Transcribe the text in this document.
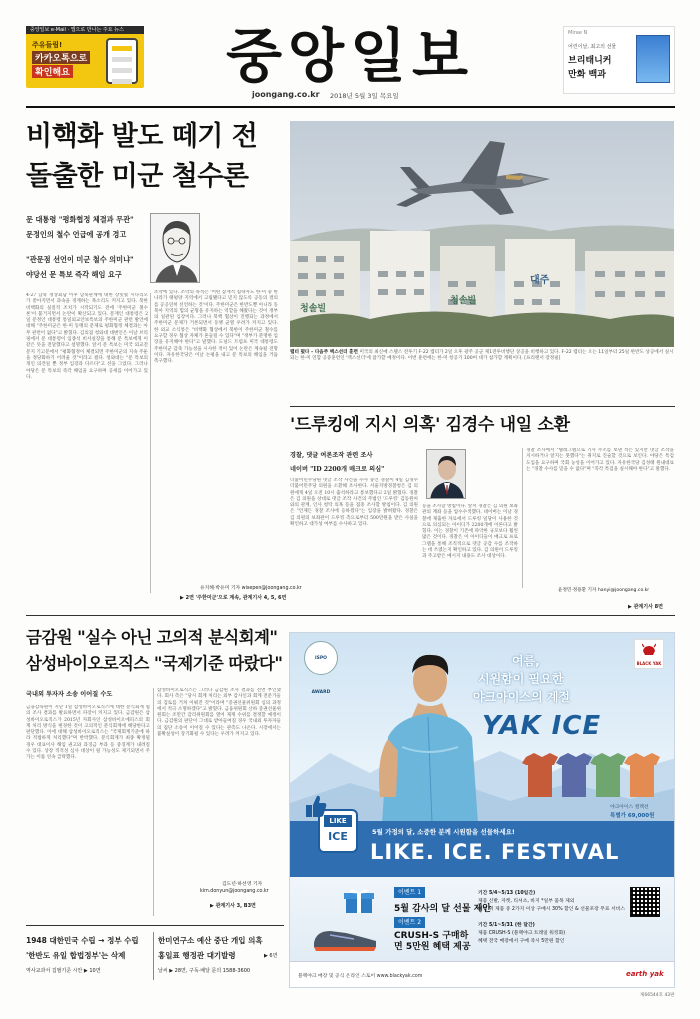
중앙일보 e-Mail · 앱으로 만나는 주요 뉴스
주유들림!
카카오톡으로
확인해요	중앙일보
joongang.co.kr 2018년 5월 3일 목요일
Mirae N
어린이날, 최고의 선물
브리태니커
만화 백과
비핵화 발도 떼기 전
돌출한 미군 철수론
문 대통령 "평화협정 체결과 무관"
문정인의 철수 언급에 공개 경고
"관문점 선언이 미군 철수 의미냐"
야당선 문 특보 즉각 해임 요구
4·27 남북 정상회담 이후 남북관계에 대한 장밋빛 시나리오가 쏟아지면서 과속을 경계하는 목소리도 커지고 있다. 북한 비핵화의 실질적 조치가 시작되기도 전에 '주한미군 철수론'이 불거지면서 논란이 확산되고 있다. 문재인 대통령은 2일 문정인 대통령 통일외교안보특보의 주한미군 관련 발언에 대해 "주한미군은 한·미 동맹의 문제로 평화협정 체결과는 아무 관련이 없다"고 밝혔다. 김의겸 청와대 대변인은 이날 브리핑에서 문 대통령이 임종석 비서실장을 통해 문 특보에게 이같은 뜻을 전달했다고 설명했다. 앞서 문 특보는 미국 외교전문지 기고문에서 "평화협정이 체결되면 주한미군의 지속 주둔을 정당화하기 어려울 것"이라고 썼다. 청와대는 "문 특보의 개인 의견일 뿐 정부 입장과 다르다"고 선을 그었다. 그러나 야당은 문 특보의 즉각 해임을 요구하며 공세를 이어가고 있다.
조약에 있다. 조약의 목적은 '어떤 잠재적 침략자도 한·미 중 한 나라가 태평양 지역에서 고립됐다고 믿지 않도록 공동의 결의를 공공연히 선언하는 것'이다. 주한미군은 한반도뿐 아니라 동북아 지역의 힘의 균형을 유지하는 역할을 해왔다는 것이 정부의 일관된 입장이다. 그러나 북핵 협상이 진행되는 과정에서 주한미군 문제가 거론되면서 동맹 균열 우려가 커지고 있다. 한 외교 소식통은 "비핵화 협상에서 북한이 주한미군 철수를 요구할 경우 협상 자체가 흔들릴 수 있다"며 "정부가 분명한 입장을 유지해야 한다"고 말했다. 도널드 트럼프 미국 대통령도 주한미군 감축 가능성을 시사한 적이 있어 논란은 계속될 전망이다. 자유한국당은 이날 논평을 내고 문 특보의 해임을 거듭 촉구했다.
유지혜·박유미 기자 wisepen@joongang.co.kr
▶ 2면 '주한미군'으로 계속, 관계기사 4, 5, 6면
청솔빌
청솔빌
대주
랩터 떴다 – 다음주 맥스선더 훈련 미국의 최신예 스텔스 전투기 F-22 랩터가 2일 오후 광주 공군 제1전투비행단 상공을 비행하고 있다. F-22 랩터는 오는 11일부터 25일 한반도 상공에서 실시되는 한·미 연합 공중훈련인 '맥스선더'에 참가할 예정이다. 이번 훈련에는 한·미 항공기 100여 대가 참가할 계획이다. [프리랜서 장정필]
'드루킹에 지시 의혹' 김경수 내일 소환
경찰, 댓글 여론조작 관련 조사
네이버 "ID 2200개 매크로 의심"
더불어민주당원 댓글 조작 사건을 수사 중인 경찰이 4일 김경수 더불어민주당 의원을 소환해 조사한다. 서울지방경찰청은 김 의원에게 4일 오전 10시 출석하라고 통보했다고 2일 밝혔다. 경찰은 김 의원을 상대로 댓글 조작 사건의 주범인 '드루킹' 김동원씨와의 관계, 인사 청탁 의혹 등을 집중 조사할 방침이다. 김 의원은 "언제든 경찰 조사에 응하겠다"는 입장을 밝혀왔다. 경찰은 김 의원의 보좌관이 드루킹 측으로부터 500만원을 받은 사실을 확인하고 대가성 여부를 수사하고 있다.
등을 조사할 방침이다. 앞서 경찰은 김 의원 보좌관의 계좌 등을 압수수색했다. 네이버는 이날 경찰에 제출한 자료에서 드루킹 일당이 사용한 것으로 의심되는 아이디가 2200개에 이른다고 밝혔다. 이는 경찰이 기존에 파악한 규모보다 훨씬 많은 것이다. 경찰은 이 아이디들이 매크로 프로그램을 통해 조직적으로 댓글 공감 수를 조작하는 데 쓰였는지 확인하고 있다. 김 의원이 드루킹과 주고받은 메시지 내용도 조사 대상이다.
경찰 조사에서 "텔레그램으로 기사 주소를 보낸 적은 있지만 댓글 조작을 지시하거나 알지는 못했다"는 취지로 진술할 것으로 보인다. 야당은 특검 도입을 요구하며 국회 농성을 이어가고 있다. 자유한국당 김성태 원내대표는 "경찰 수사를 믿을 수 없다"며 "즉각 특검을 실시해야 한다"고 말했다.
윤정민·정용환 기자 hanyi@joongang.co.kr
▶ 관계기사 8면
금감원 "실수 아닌 고의적 분식회계"
삼성바이오로직스 "국제기준 따랐다"
국내외 투자자 소송 이어질 수도
금융감독원이 지난 1일 삼성바이오로직스에 대한 분식회계 혐의 조사 결과를 발표하면서 파장이 커지고 있다. 금감원은 삼성바이오로직스가 2015년 자회사인 삼성바이오에피스의 회계 처리 방식을 변경한 것이 고의적인 분식회계에 해당한다고 판단했다. 이에 대해 삼성바이오로직스는 "국제회계기준에 따라 적법하게 처리했다"며 반박했다. 분식회계가 최종 확정될 경우 대표이사 해임 권고와 과징금 부과 등 중징계가 내려질 수 있다. 상장 적격성 심사 대상이 될 가능성도 제기되면서 주가는 이틀 연속 급락했다.
삼성바이오로직스는 그러나 금감원 조사 결과를 전면 부인했다. 회사 측은 "당시 회계 처리는 외부 감사인과 회계 전문가들의 검토를 거쳐 이뤄진 것"이라며 "증권선물위원회 심의 과정에서 적극 소명하겠다"고 밝혔다. 금융위원회 산하 증권선물위원회는 조만간 감리위원회를 열어 제재 수위를 결정할 예정이다. 금감원의 판단이 그대로 받아들여질 경우 국내외 투자자들의 집단 소송이 이어질 수 있다는 관측도 나온다. 시장에서는 불확실성이 장기화될 수 있다는 우려가 커지고 있다.
김도년·하선영 기자
kim.donyun@joongang.co.kr
▶ 관계기사 3, B3면
1948 대한민국 수립 → 정부 수립
'한반도 유일 합법정부'는 삭제
역사교과서 집필기준 시안 ▶ 10면
한미연구소 예산 중단 개입 의혹
홍일표 행정관 대기발령	▶ 6면
날씨 ▶ 28면, 구독·배달 문의 1588-3600
ISPO AWARD
여름,
시원함이 필요한
야크아이스의 계절
YAK ICE
BLACK YAK
야크아이스 컬렉션
특별가 69,000원
5월 가정의 달, 소중한 분께 시원함을 선물하세요!
LIKE. ICE. FESTIVAL
LIKE
ICE
이벤트 1
5월 감사의 달 선물 제안
이벤트 2
CRUSH-S 구매하면 5만원 혜택 제공
기간 5/4~5/13 (10일간)
제품 신발, 자켓, 티셔츠, 바지 *일부 품목 제외
혜택 위 제품 중 2가지 이상 구매시 30% 할인 & 선물포장 무료 서비스
기간 5/1~5/31 (한 달간)
제품 CRUSH-S (블랙야크 트레일 워킹화)
혜택 전국 매장에서 구매 즉시 5만원 할인
블랙야크 매장 및 공식 온라인 스토어 www.blackyak.com	earth yak
제66544호 43판
